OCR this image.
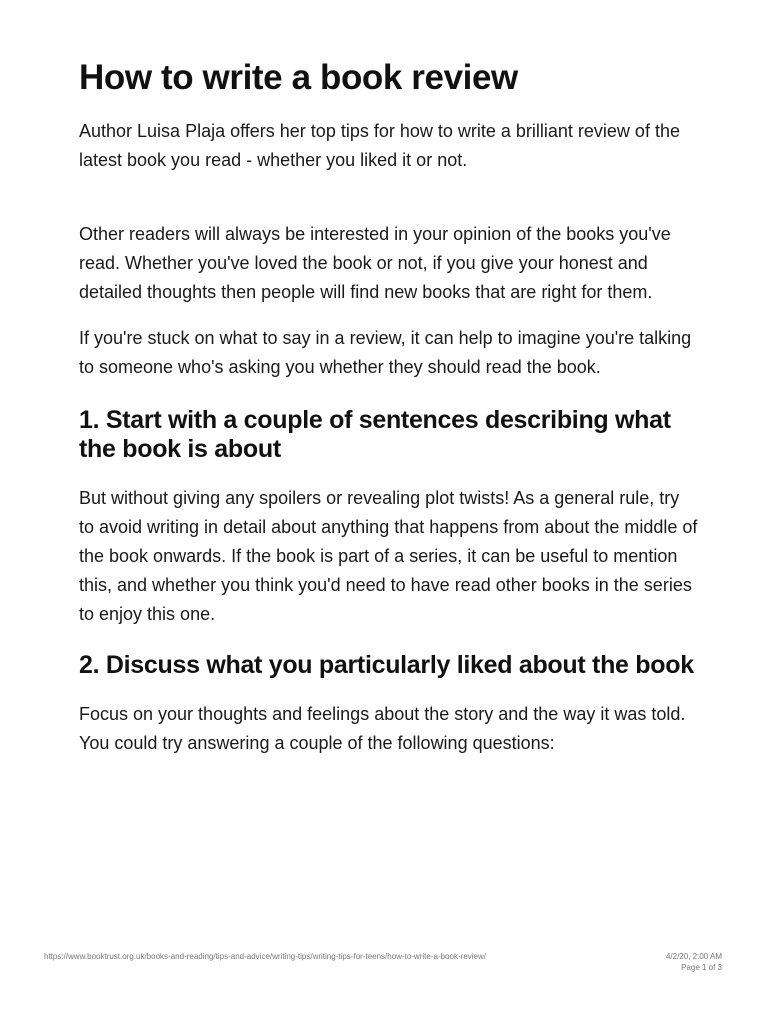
How to write a book review

Author Luisa Plaja offers her top tips for how to write a brilliant review of the latest book you read - whether you liked it or not.

Other readers will always be interested in your opinion of the books you've read. Whether you've loved the book or not, if you give your honest and detailed thoughts then people will find new books that are right for them.

If you're stuck on what to say in a review, it can help to imagine you're talking to someone who's asking you whether they should read the book.

1. Start with a couple of sentences describing what the book is about

But without giving any spoilers or revealing plot twists! As a general rule, try to avoid writing in detail about anything that happens from about the middle of the book onwards. If the book is part of a series, it can be useful to mention this, and whether you think you'd need to have read other books in the series to enjoy this one.

2. Discuss what you particularly liked about the book

Focus on your thoughts and feelings about the story and the way it was told. You could try answering a couple of the following questions:

https://www.booktrust.org.uk/books-and-reading/tips-and-advice/writing-tips/writing-tips-for-teens/how-to-write-a-book-review/	4/2/20, 2:00 AM
Page 1 of 3
